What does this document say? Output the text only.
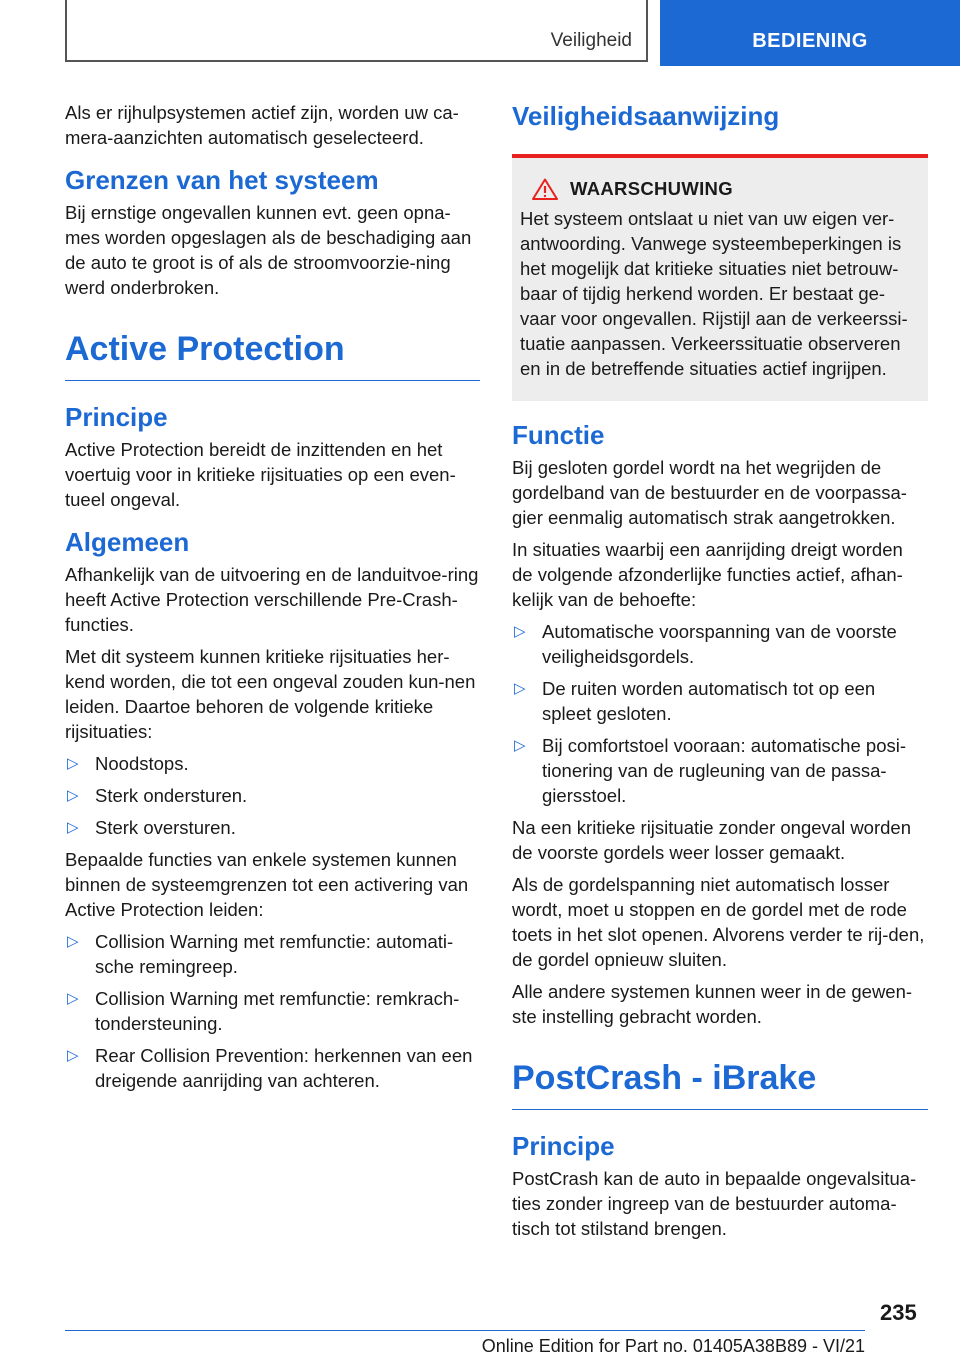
Veiligheid	BEDIENING

Als er rijhulpsystemen actief zijn, worden uw ca-mera-aanzichten automatisch geselecteerd.

Grenzen van het systeem

Bij ernstige ongevallen kunnen evt. geen opna-mes worden opgeslagen als de beschadiging aan de auto te groot is of als de stroomvoorzie-ning werd onderbroken.

Active Protection
Principe

Active Protection bereidt de inzittenden en het voertuig voor in kritieke rijsituaties op een even-tueel ongeval.

Algemeen

Afhankelijk van de uitvoering en de landuitvoe-ring heeft Active Protection verschillende Pre-Crash-functies.

Met dit systeem kunnen kritieke rijsituaties her-kend worden, die tot een ongeval zouden kun-nen leiden. Daartoe behoren de volgende kritieke rijsituaties:

▷ Noodstops.
▷ Sterk ondersturen.
▷ Sterk oversturen.

Bepaalde functies van enkele systemen kunnen binnen de systeemgrenzen tot een activering van Active Protection leiden:

▷ Collision Warning met remfunctie: automati-sche remingreep.
▷ Collision Warning met remfunctie: remkrach-tondersteuning.
▷ Rear Collision Prevention: herkennen van een dreigende aanrijding van achteren.
Veiligheidsaanwijzing
WAARSCHUWING

Het systeem ontslaat u niet van uw eigen ver-antwoording. Vanwege systeembeperkingen is het mogelijk dat kritieke situaties niet betrouw-baar of tijdig herkend worden. Er bestaat ge-vaar voor ongevallen. Rijstijl aan de verkeerssi-tuatie aanpassen. Verkeerssituatie observeren en in de betreffende situaties actief ingrijpen.

Functie

Bij gesloten gordel wordt na het wegrijden de gordelband van de bestuurder en de voorpassa-gier eenmalig automatisch strak aangetrokken.

In situaties waarbij een aanrijding dreigt worden de volgende afzonderlijke functies actief, afhan-kelijk van de behoefte:

▷ Automatische voorspanning van de voorste veiligheidsgordels.
▷ De ruiten worden automatisch tot op een spleet gesloten.
▷ Bij comfortstoel vooraan: automatische posi-tionering van de rugleuning van de passa-giersstoel.

Na een kritieke rijsituatie zonder ongeval worden de voorste gordels weer losser gemaakt.

Als de gordelspanning niet automatisch losser wordt, moet u stoppen en de gordel met de rode toets in het slot openen. Alvorens verder te rij-den, de gordel opnieuw sluiten.

Alle andere systemen kunnen weer in de gewen-ste instelling gebracht worden.

PostCrash - iBrake
Principe

PostCrash kan de auto in bepaalde ongevalsitua-ties zonder ingreep van de bestuurder automa-tisch tot stilstand brengen.

235
Online Edition for Part no. 01405A38B89 - VI/21
